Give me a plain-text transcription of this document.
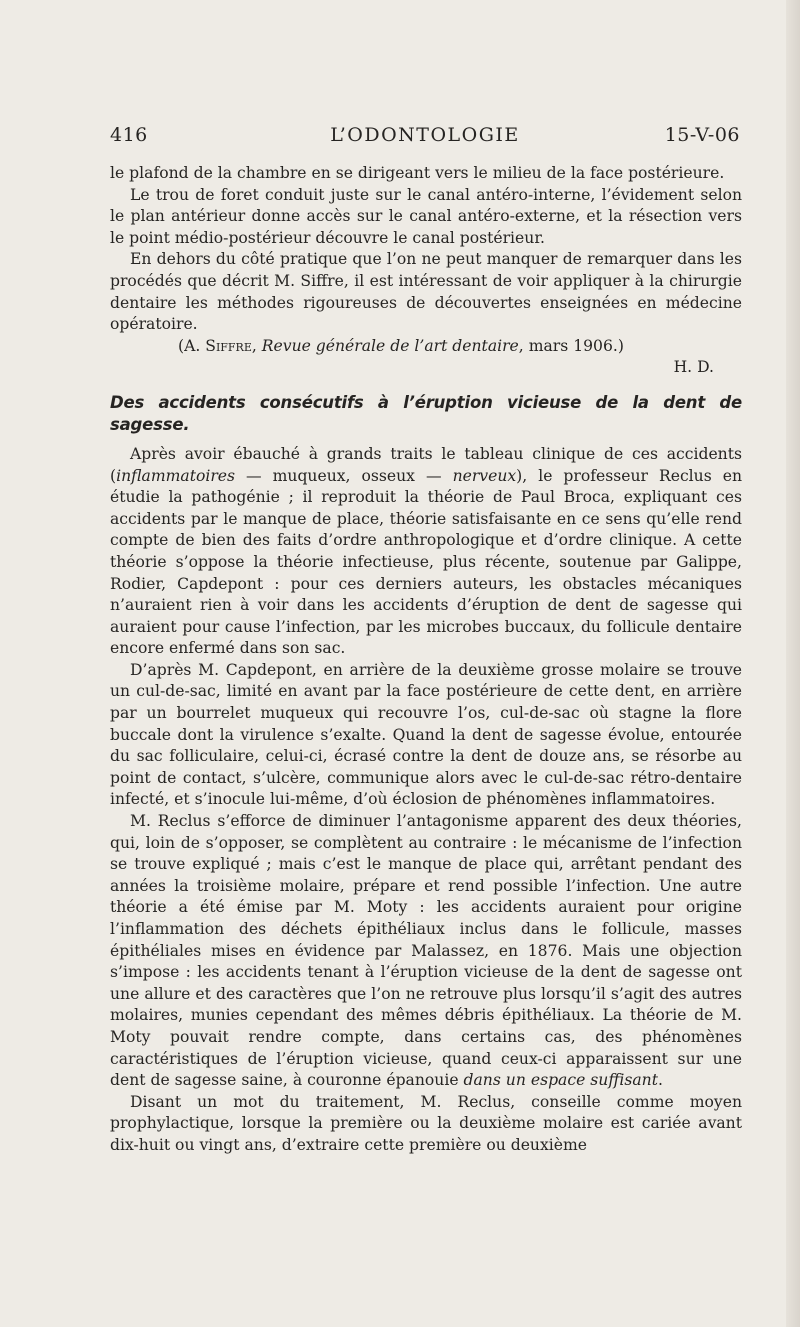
L’ODONTOLOGIE
416	15-V-06

le plafond de la chambre en se dirigeant vers le milieu de la face postérieure.

Le trou de foret conduit juste sur le canal antéro-interne, l’évidement selon le plan antérieur donne accès sur le canal antéro-externe, et la résection vers le point médio-postérieur découvre le canal postérieur.

En dehors du côté pratique que l’on ne peut manquer de remarquer dans les procédés que décrit M. Siffre, il est intéressant de voir appliquer à la chirurgie dentaire les méthodes rigoureuses de découvertes enseignées en médecine opératoire.

(A. Siffre, Revue générale de l’art dentaire, mars 1906.)

H. D.

Des accidents consécutifs à l’éruption vicieuse de la dent de sagesse.

Après avoir ébauché à grands traits le tableau clinique de ces accidents (inflammatoires — muqueux, osseux — nerveux), le professeur Reclus en étudie la pathogénie ; il reproduit la théorie de Paul Broca, expliquant ces accidents par le manque de place, théorie satisfaisante en ce sens qu’elle rend compte de bien des faits d’ordre anthropologique et d’ordre clinique. A cette théorie s’oppose la théorie infectieuse, plus récente, soutenue par Galippe, Rodier, Capdepont : pour ces derniers auteurs, les obstacles mécaniques n’auraient rien à voir dans les accidents d’éruption de dent de sagesse qui auraient pour cause l’infection, par les microbes buccaux, du follicule dentaire encore enfermé dans son sac.

D’après M. Capdepont, en arrière de la deuxième grosse molaire se trouve un cul-de-sac, limité en avant par la face postérieure de cette dent, en arrière par un bourrelet muqueux qui recouvre l’os, cul-de-sac où stagne la flore buccale dont la virulence s’exalte. Quand la dent de sagesse évolue, entourée du sac folliculaire, celui-ci, écrasé contre la dent de douze ans, se résorbe au point de contact, s’ulcère, communique alors avec le cul-de-sac rétro-dentaire infecté, et s’inocule lui-même, d’où éclosion de phénomènes inflammatoires.

M. Reclus s’efforce de diminuer l’antagonisme apparent des deux théories, qui, loin de s’opposer, se complètent au contraire : le mécanisme de l’infection se trouve expliqué ; mais c’est le manque de place qui, arrêtant pendant des années la troisième molaire, prépare et rend possible l’infection. Une autre théorie a été émise par M. Moty : les accidents auraient pour origine l’inflammation des déchets épithéliaux inclus dans le follicule, masses épithéliales mises en évidence par Malassez, en 1876. Mais une objection s’impose : les accidents tenant à l’éruption vicieuse de la dent de sagesse ont une allure et des caractères que l’on ne retrouve plus lorsqu’il s’agit des autres molaires, munies cependant des mêmes débris épithéliaux. La théorie de M. Moty pouvait rendre compte, dans certains cas, des phénomènes caractéristiques de l’éruption vicieuse, quand ceux-ci apparaissent sur une dent de sagesse saine, à couronne épanouie dans un espace suffisant.

Disant un mot du traitement, M. Reclus, conseille comme moyen prophylactique, lorsque la première ou la deuxième molaire est cariée avant dix-huit ou vingt ans, d’extraire cette première ou deuxième
